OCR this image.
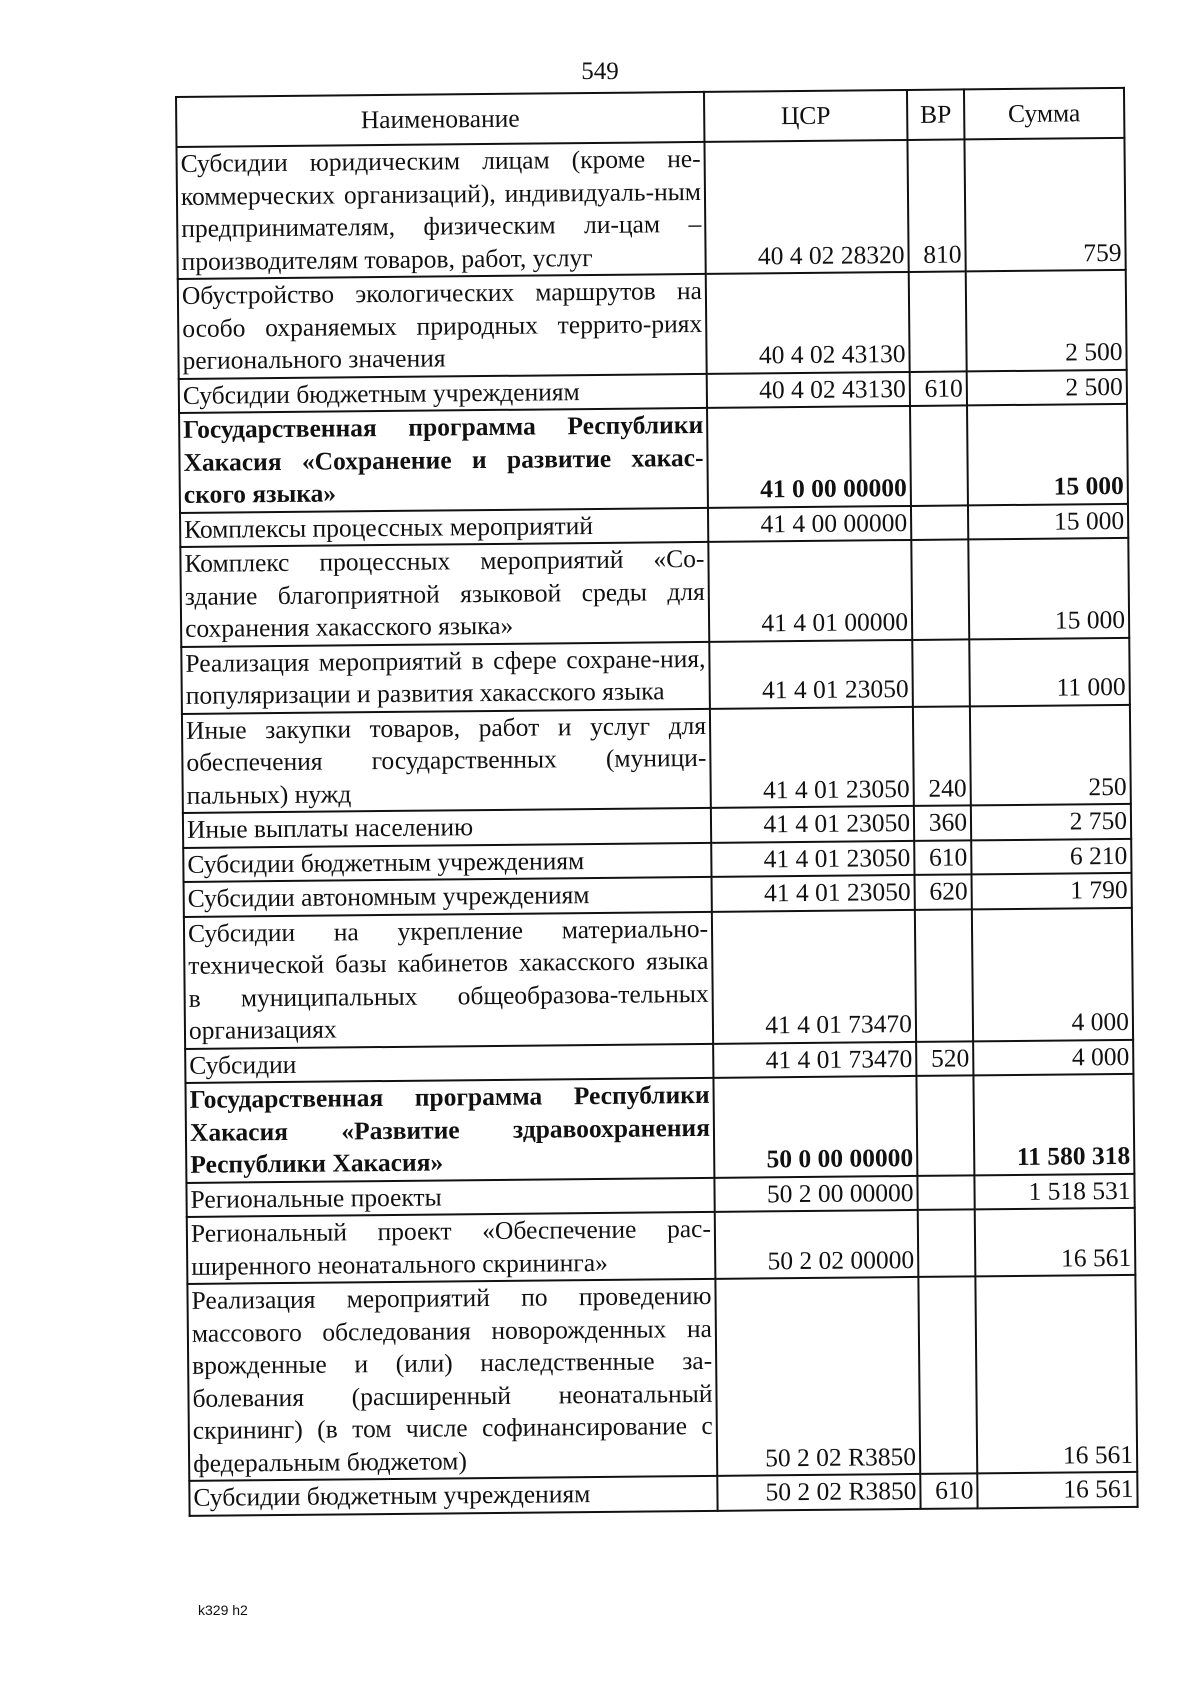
549
Наименование	ЦСР	ВР	Сумма
Субсидии юридическим лицам (кроме не-коммерческих организаций), индивидуаль-ным предпринимателям, физическим ли-цам – производителям товаров, работ, услуг	40 4 02 28320	810	759
Обустройство экологических маршрутов на особо охраняемых природных террито-риях регионального значения	40 4 02 43130		2 500
Субсидии бюджетным учреждениям	40 4 02 43130	610	2 500
Государственная программа Республики Хакасия «Сохранение и развитие хакас-ского языка»	41 0 00 00000		15 000
Комплексы процессных мероприятий	41 4 00 00000		15 000
Комплекс процессных мероприятий «Со-здание благоприятной языковой среды для сохранения хакасского языка»	41 4 01 00000		15 000
Реализация мероприятий в сфере сохране-ния, популяризации и развития хакасского языка	41 4 01 23050		11 000
Иные закупки товаров, работ и услуг для обеспечения государственных (муници-пальных) нужд	41 4 01 23050	240	250
Иные выплаты населению	41 4 01 23050	360	2 750
Субсидии бюджетным учреждениям	41 4 01 23050	610	6 210
Субсидии автономным учреждениям	41 4 01 23050	620	1 790
Субсидии на укрепление материально-технической базы кабинетов хакасского языка в муниципальных общеобразова-тельных организациях	41 4 01 73470		4 000
Субсидии	41 4 01 73470	520	4 000
Государственная программа Республики Хакасия «Развитие здравоохранения Республики Хакасия»	50 0 00 00000		11 580 318
Региональные проекты	50 2 00 00000		1 518 531
Региональный проект «Обеспечение рас-ширенного неонатального скрининга»	50 2 02 00000		16 561
Реализация мероприятий по проведению массового обследования новорожденных на врожденные и (или) наследственные за-болевания (расширенный неонатальный скрининг) (в том числе софинансирование с федеральным бюджетом)	50 2 02 R3850		16 561
Субсидии бюджетным учреждениям	50 2 02 R3850	610	16 561
k329 h2
